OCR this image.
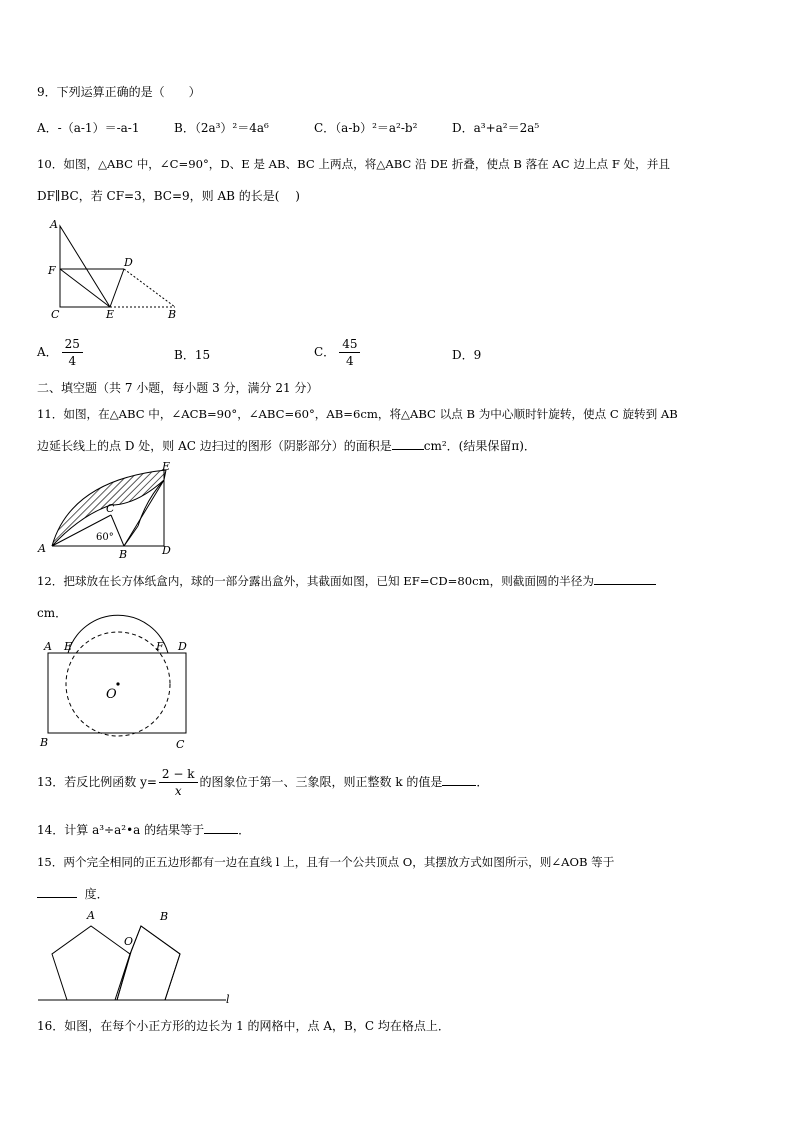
9．下列运算正确的是（　　）
A．-（a-1）＝-a-1	B．（2a³）²＝4a⁶	C．（a-b）²＝a²-b²	D．a³+a²＝2a⁵
10．如图，△ABC 中，∠C=90°，D、E 是 AB、BC 上两点，将△ABC 沿 DE 折叠，使点 B 落在 AC 边上点 F 处，并且
DF∥BC，若 CF=3，BC=9，则 AB 的长是(　 )
A
F
D
C	E	B
A． $\frac{25}{4}$	B．15	C． $\frac{45}{4}$	D．9
二、填空题（共 7 小题，每小题 3 分，满分 21 分）
11．如图，在△ABC 中，∠ACB=90°，∠ABC=60°，AB=6cm，将△ABC 以点 B 为中心顺时针旋转，使点 C 旋转到 AB
边延长线上的点 D 处，则 AC 边扫过的图形（阴影部分）的面积是	cm²．(结果保留π)．
E
C
60°
A	B	D
12．把球放在长方体纸盒内，球的一部分露出盒外，其截面如图，已知 EF=CD=80cm，则截面圆的半径为
cm．
A E	F D
O
B	C
13．若反比例函数 $y= \frac{2 - k}{x}$ 的图象位于第一、三象限，则正整数 k 的值是	．
14．计算 a³÷a²•a 的结果等于	．
15．两个完全相同的正五边形都有一边在直线 l 上，且有一个公共顶点 O，其摆放方式如图所示，则∠AOB 等于
度．
A
O
B
l
16．如图，在每个小正方形的边长为 1 的网格中，点 A，B，C 均在格点上．
